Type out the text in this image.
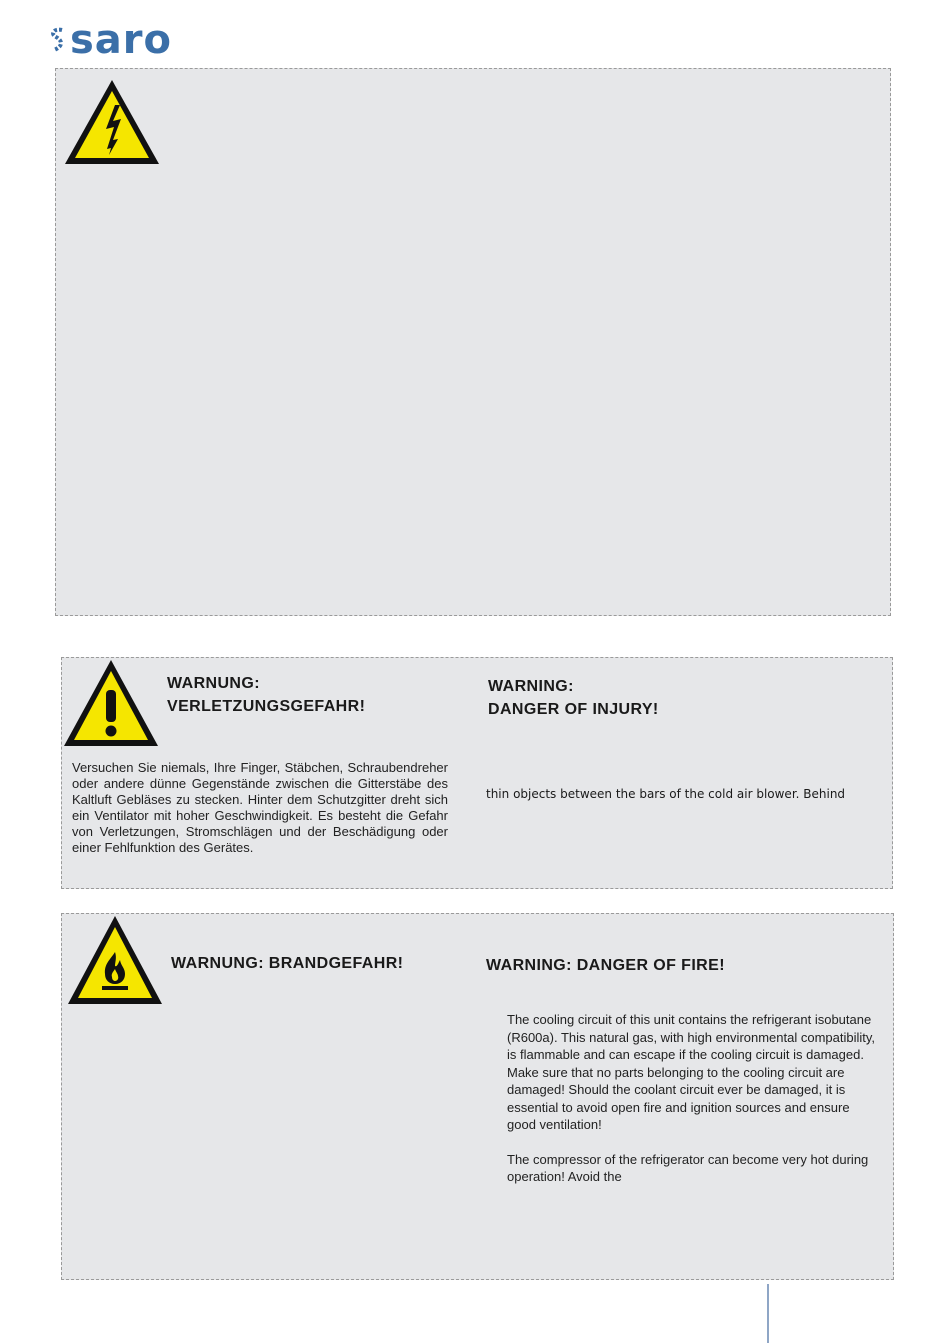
saro
WARNUNG:
VERLETZUNGSGEFAHR!
WARNING:
DANGER OF INJURY!

Versuchen Sie niemals, Ihre Finger, Stäbchen, Schraubendreher oder andere dünne Gegenstände zwischen die Gitterstäbe des Kaltluft Gebläses zu stecken. Hinter dem Schutzgitter dreht sich ein Ventilator mit hoher Geschwindigkeit. Es besteht die Gefahr von Verletzungen, Stromschlägen und der Beschädigung oder einer Fehlfunktion des Gerätes.

thin objects between the bars of the cold air blower. Behind

WARNUNG: BRANDGEFAHR!	WARNING: DANGER OF FIRE!

The cooling circuit of this unit contains the refrigerant isobutane (R600a). This natural gas, with high environmental compatibility, is flammable and can escape if the cooling circuit is damaged. Make sure that no parts belonging to the cooling circuit are damaged! Should the coolant circuit ever be damaged, it is essential to avoid open fire and ignition sources and ensure good ventilation!

The compressor of the refrigerator can become very hot during operation! Avoid the
